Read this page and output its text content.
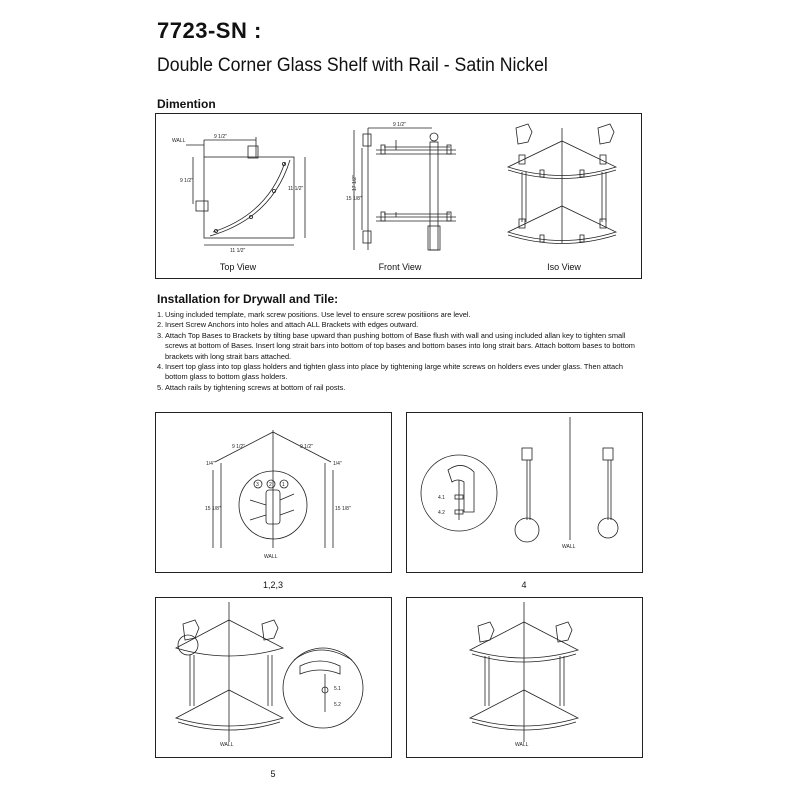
7723-SN :
Double Corner Glass Shelf with Rail - Satin Nickel
Dimention
WALL
9 1/2"
9 1/2"
11 1/2"
11 1/2"
9 1/2"
17 1/2"
15 1/8"
Top View	Front View	Iso View
Installation for Drywall and Tile:
1. Using included template, mark screw positions. Use level to ensure screw positiions are level.
2. Insert Screw Anchors into holes and attach ALL Brackets with edges outward.
3. Attach Top Bases to Brackets by tilting base upward than pushing bottom of Base flush with wall and using included allan key to tighten small screws at bottom of Bases. Insert long strait bars into bottom of top bases and bottom bases into long strait bars. Attach bottom bases to bottom brackets with long strait bars attached.
4. Insert top glass into top glass holders and tighten glass into place by tightening large white screws on holders eves under glass. Then attach bottom glass to bottom glass holders.
5. Attach rails by tightening screws at bottom of rail posts.
1,2,3	4
5
9 1/2"	9 1/2"
1/4"	1/4"
15 1/8"	15 1/8"
WALL
3 2 1
4.1
4.2
WALL
WALL
5.1
5.2
WALL
